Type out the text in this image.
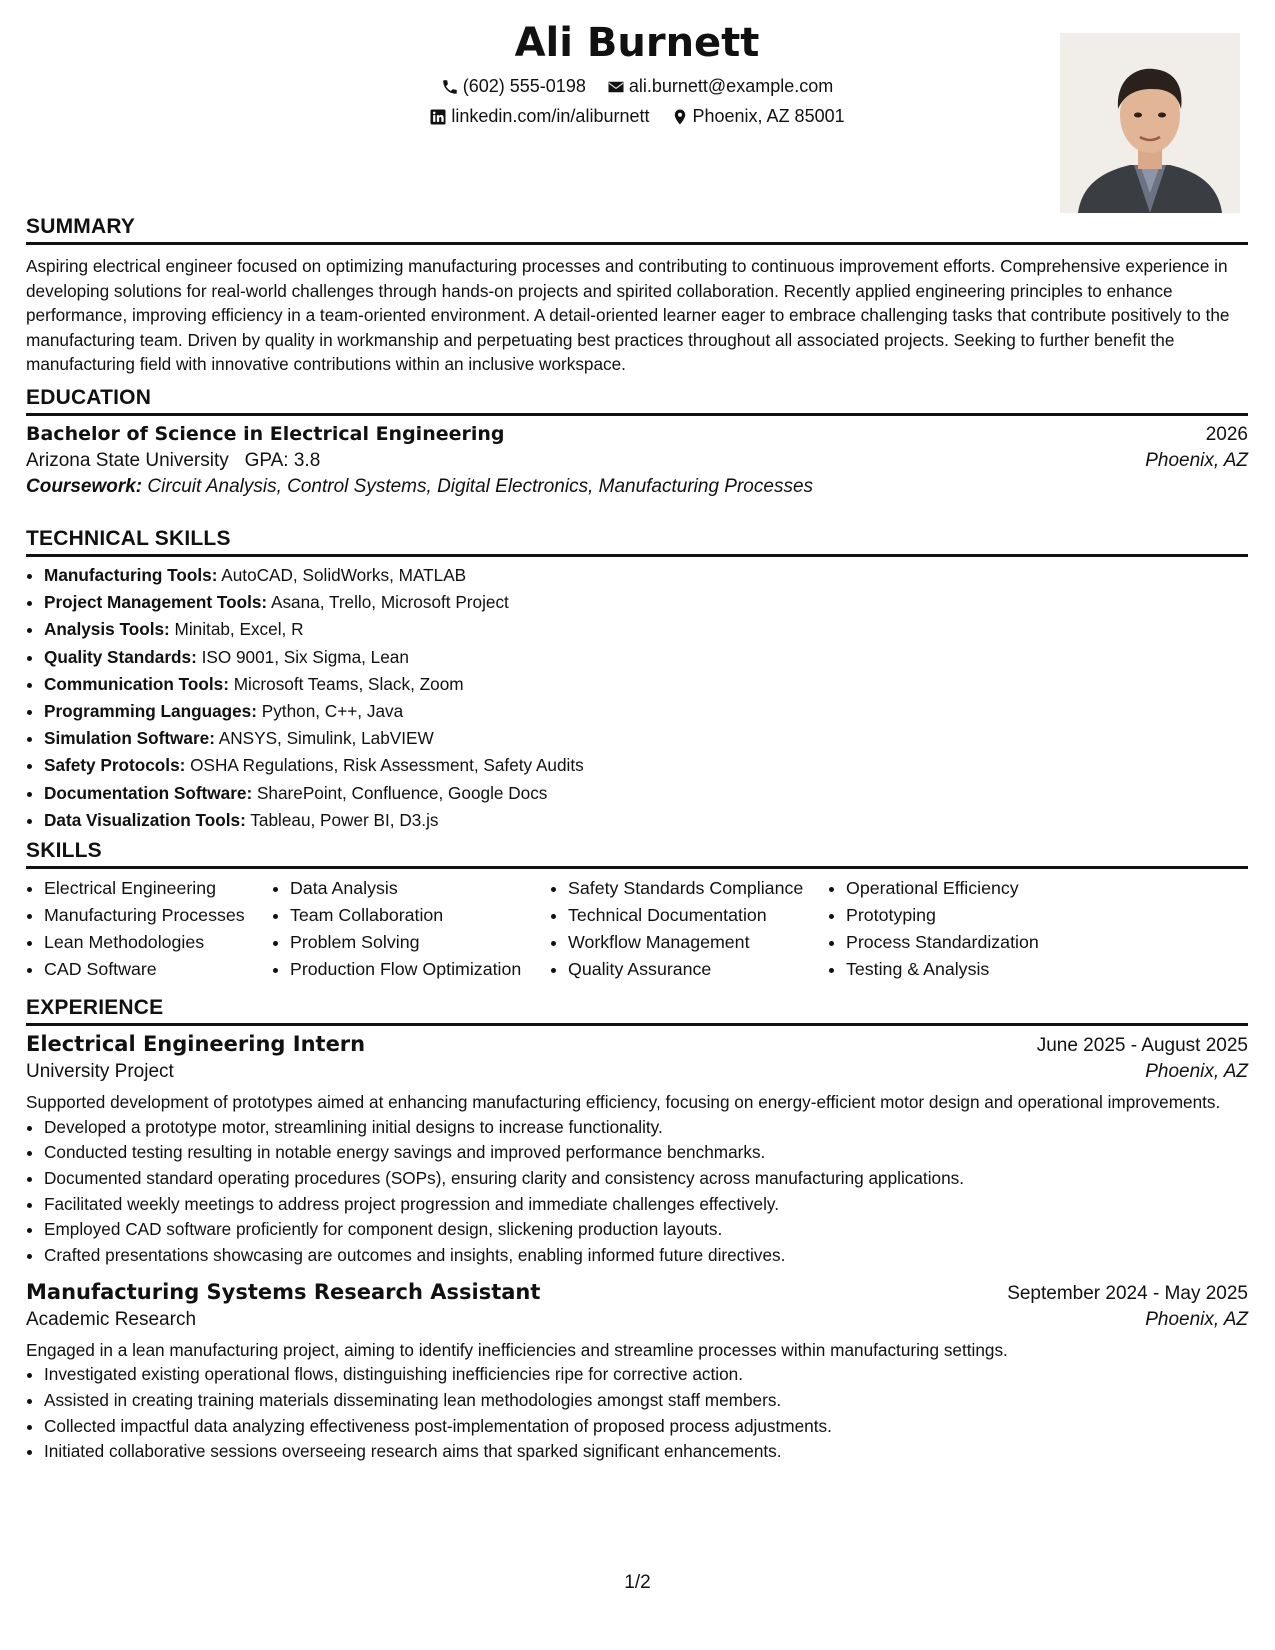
Ali Burnett
(602) 555-0198
ali.burnett@example.com
linkedin.com/in/aliburnett
Phoenix, AZ 85001
SUMMARY
Aspiring electrical engineer focused on optimizing manufacturing processes and contributing to continuous improvement efforts. Comprehensive experience in developing solutions for real-world challenges through hands-on projects and spirited collaboration. Recently applied engineering principles to enhance performance, improving efficiency in a team-oriented environment. A detail-oriented learner eager to embrace challenging tasks that contribute positively to the manufacturing team. Driven by quality in workmanship and perpetuating best practices throughout all associated projects. Seeking to further benefit the manufacturing field with innovative contributions within an inclusive workspace.
EDUCATION
Bachelor of Science in Electrical Engineering	2026
Arizona State University GPA: 3.8	Phoenix, AZ
Coursework: Circuit Analysis, Control Systems, Digital Electronics, Manufacturing Processes
TECHNICAL SKILLS
• Manufacturing Tools: AutoCAD, SolidWorks, MATLAB
• Project Management Tools: Asana, Trello, Microsoft Project
• Analysis Tools: Minitab, Excel, R
• Quality Standards: ISO 9001, Six Sigma, Lean
• Communication Tools: Microsoft Teams, Slack, Zoom
• Programming Languages: Python, C++, Java
• Simulation Software: ANSYS, Simulink, LabVIEW
• Safety Protocols: OSHA Regulations, Risk Assessment, Safety Audits
• Documentation Software: SharePoint, Confluence, Google Docs
• Data Visualization Tools: Tableau, Power BI, D3.js
SKILLS
• Electrical Engineering
• Manufacturing Processes
• Lean Methodologies
• CAD Software
• Data Analysis
• Team Collaboration
• Problem Solving
• Production Flow Optimization
• Safety Standards Compliance
• Technical Documentation
• Workflow Management
• Quality Assurance
• Operational Efficiency
• Prototyping
• Process Standardization
• Testing & Analysis
EXPERIENCE
Electrical Engineering Intern	June 2025 - August 2025
University Project	Phoenix, AZ
Supported development of prototypes aimed at enhancing manufacturing efficiency, focusing on energy-efficient motor design and operational improvements.
• Developed a prototype motor, streamlining initial designs to increase functionality.
• Conducted testing resulting in notable energy savings and improved performance benchmarks.
• Documented standard operating procedures (SOPs), ensuring clarity and consistency across manufacturing applications.
• Facilitated weekly meetings to address project progression and immediate challenges effectively.
• Employed CAD software proficiently for component design, slickening production layouts.
• Crafted presentations showcasing are outcomes and insights, enabling informed future directives.
Manufacturing Systems Research Assistant	September 2024 - May 2025
Academic Research	Phoenix, AZ
Engaged in a lean manufacturing project, aiming to identify inefficiencies and streamline processes within manufacturing settings.
• Investigated existing operational flows, distinguishing inefficiencies ripe for corrective action.
• Assisted in creating training materials disseminating lean methodologies amongst staff members.
• Collected impactful data analyzing effectiveness post-implementation of proposed process adjustments.
• Initiated collaborative sessions overseeing research aims that sparked significant enhancements.
1/2
